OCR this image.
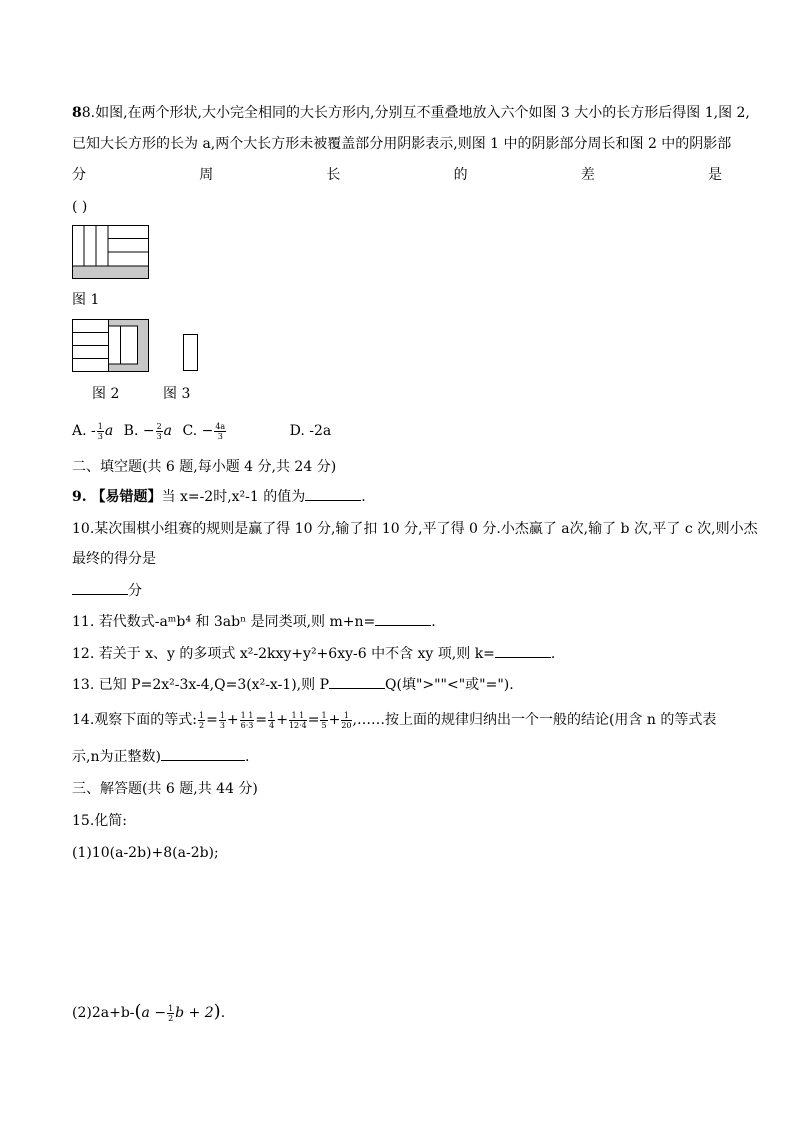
88.如图,在两个形状,大小完全相同的大长方形内,分别互不重叠地放入六个如图 3 大小的长方形后得图 1,图 2,
已知大长方形的长为 a,两个大长方形未被覆盖部分用阴影表示,则图 1 中的阴影部分周长和图 2 中的阴影部
分	周	长	的	差	是
( )
图 1
图 2	图 3
A. - $\frac{1}{3}$ a B. − $\frac{2}{3}$ a C. − $\frac{4a}{3}$	D. -2a
二、填空题(共 6 题,每小题 4 分,共 24 分)
9. 【易错题】当 x=-2时,x²-1 的值为	.
10.某次围棋小组赛的规则是赢了得 10 分,输了扣 10 分,平了得 0 分.小杰赢了 a次,输了 b 次,平了 c 次,则小杰
最终的得分是
分
11. 若代数式-aᵐb⁴ 和 3abⁿ 是同类项,则 m+n=	.
12. 若关于 x、y 的多项式 x²-2kxy+y²+6xy-6 中不含 xy 项,则 k=	.
13. 已知 P=2x²-3x-4,Q=3(x²-x-1),则 P	Q(填">""<"或"=").
14.观察下面的等式: $\frac{1}{2} = \frac{1}{3} + \frac{1 1}{6\cdot 3} = \frac{1}{4} + \frac{1 1}{12\cdot 4} = \frac{1}{5} + \frac{1}{20}$ ,……按上面的规律归纳出一个一般的结论(用含 n 的等式表
示,n为正整数)	.
三、解答题(共 6 题,共 44 分)
15.化简:
(1)10(a-2b)+8(a-2b);
$(2)2a+b-(a - \frac{1}{2}$ b + 2).
